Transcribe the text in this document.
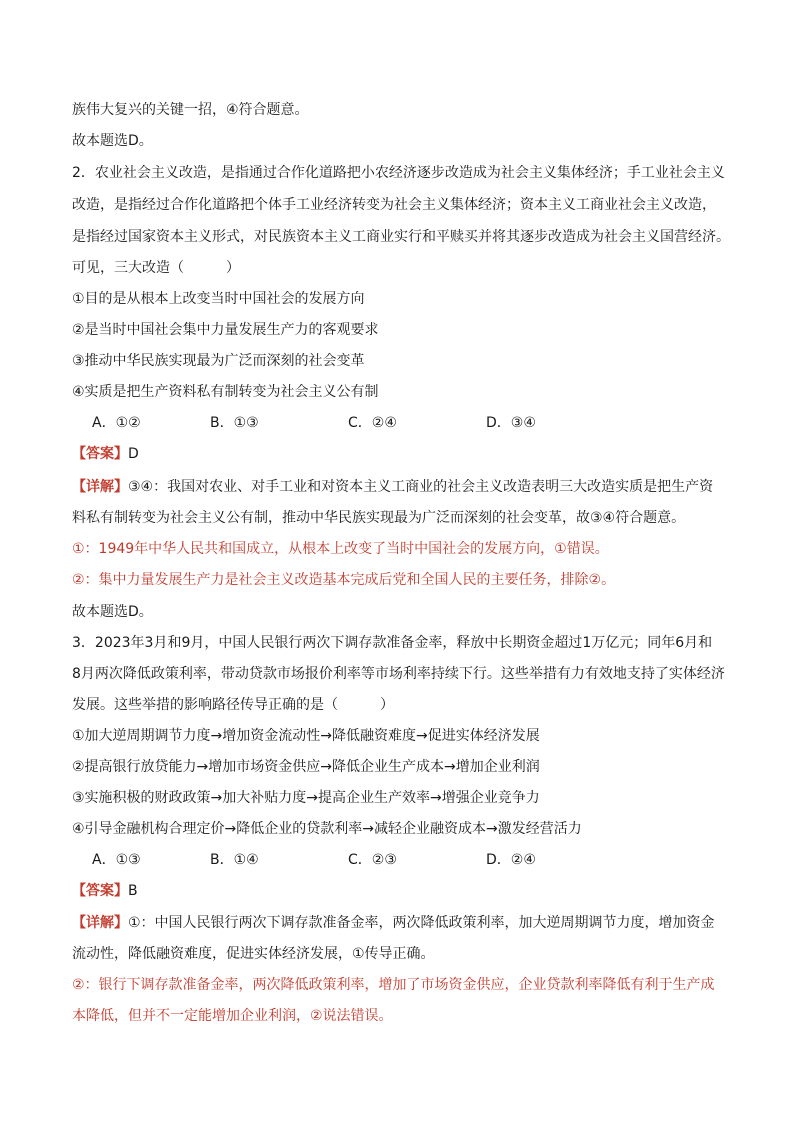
族伟大复兴的关键一招，④符合题意。
故本题选D。
2．农业社会主义改造，是指通过合作化道路把小农经济逐步改造成为社会主义集体经济；手工业社会主义
改造，是指经过合作化道路把个体手工业经济转变为社会主义集体经济；资本主义工商业社会主义改造，
是指经过国家资本主义形式，对民族资本主义工商业实行和平赎买并将其逐步改造成为社会主义国营经济。
可见，三大改造（　　　）
①目的是从根本上改变当时中国社会的发展方向
②是当时中国社会集中力量发展生产力的客观要求
③推动中华民族实现最为广泛而深刻的社会变革
④实质是把生产资料私有制转变为社会主义公有制
A．①②	B．①③	C．②④	D．③④
【答案】D
【详解】③④：我国对农业、对手工业和对资本主义工商业的社会主义改造表明三大改造实质是把生产资
料私有制转变为社会主义公有制，推动中华民族实现最为广泛而深刻的社会变革，故③④符合题意。
①：1949年中华人民共和国成立，从根本上改变了当时中国社会的发展方向，①错误。
②：集中力量发展生产力是社会主义改造基本完成后党和全国人民的主要任务，排除②。
故本题选D。
3．2023年3月和9月，中国人民银行两次下调存款准备金率，释放中长期资金超过1万亿元；同年6月和
8月两次降低政策利率，带动贷款市场报价利率等市场利率持续下行。这些举措有力有效地支持了实体经济
发展。这些举措的影响路径传导正确的是（　　　）
①加大逆周期调节力度→增加资金流动性→降低融资难度→促进实体经济发展
②提高银行放贷能力→增加市场资金供应→降低企业生产成本→增加企业利润
③实施积极的财政政策→加大补贴力度→提高企业生产效率→增强企业竞争力
④引导金融机构合理定价→降低企业的贷款利率→减轻企业融资成本→激发经营活力
A．①③	B．①④	C．②③	D．②④
【答案】B
【详解】①：中国人民银行两次下调存款准备金率，两次降低政策利率，加大逆周期调节力度，增加资金
流动性，降低融资难度，促进实体经济发展，①传导正确。
②：银行下调存款准备金率，两次降低政策利率，增加了市场资金供应，企业贷款利率降低有利于生产成
本降低，但并不一定能增加企业利润，②说法错误。
